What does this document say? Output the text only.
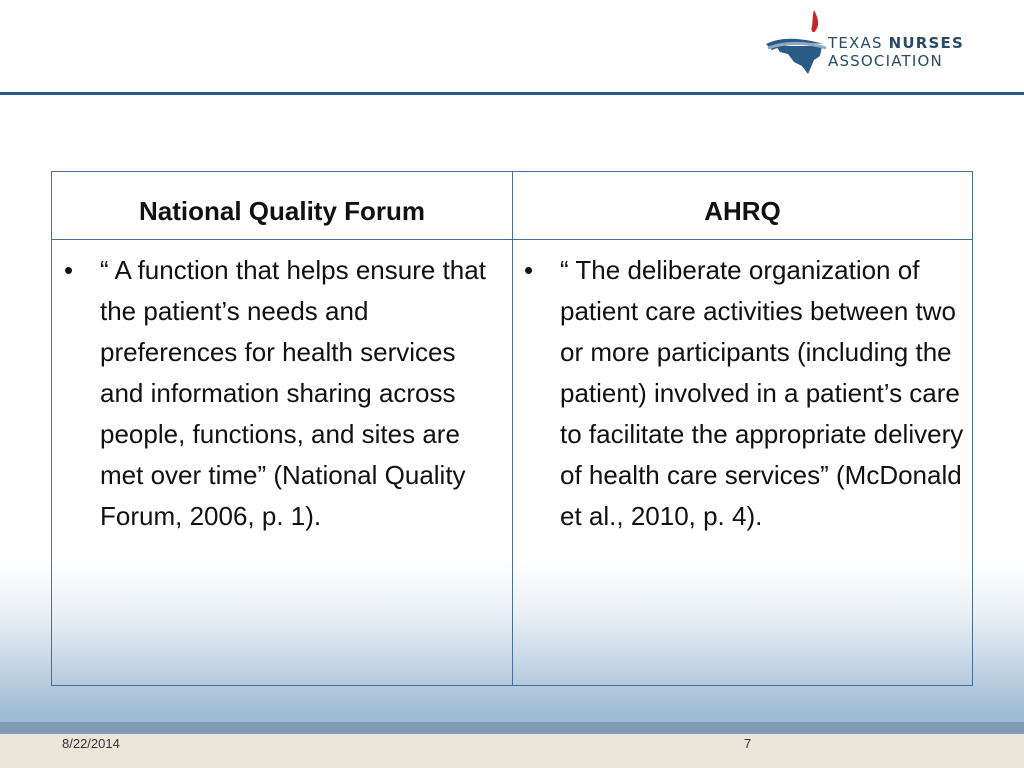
TEXAS NURSES
ASSOCIATION
National Quality Forum	AHRQ
• “ A function that helps ensure that the patient’s needs and preferences for health services and information sharing across people, functions, and sites are met over time” (National Quality Forum, 2006, p. 1).
• “ The deliberate organization of patient care activities between two or more participants (including the patient) involved in a patient’s care to facilitate the appropriate delivery of health care services” (McDonald et al., 2010, p. 4).
8/22/2014	7
